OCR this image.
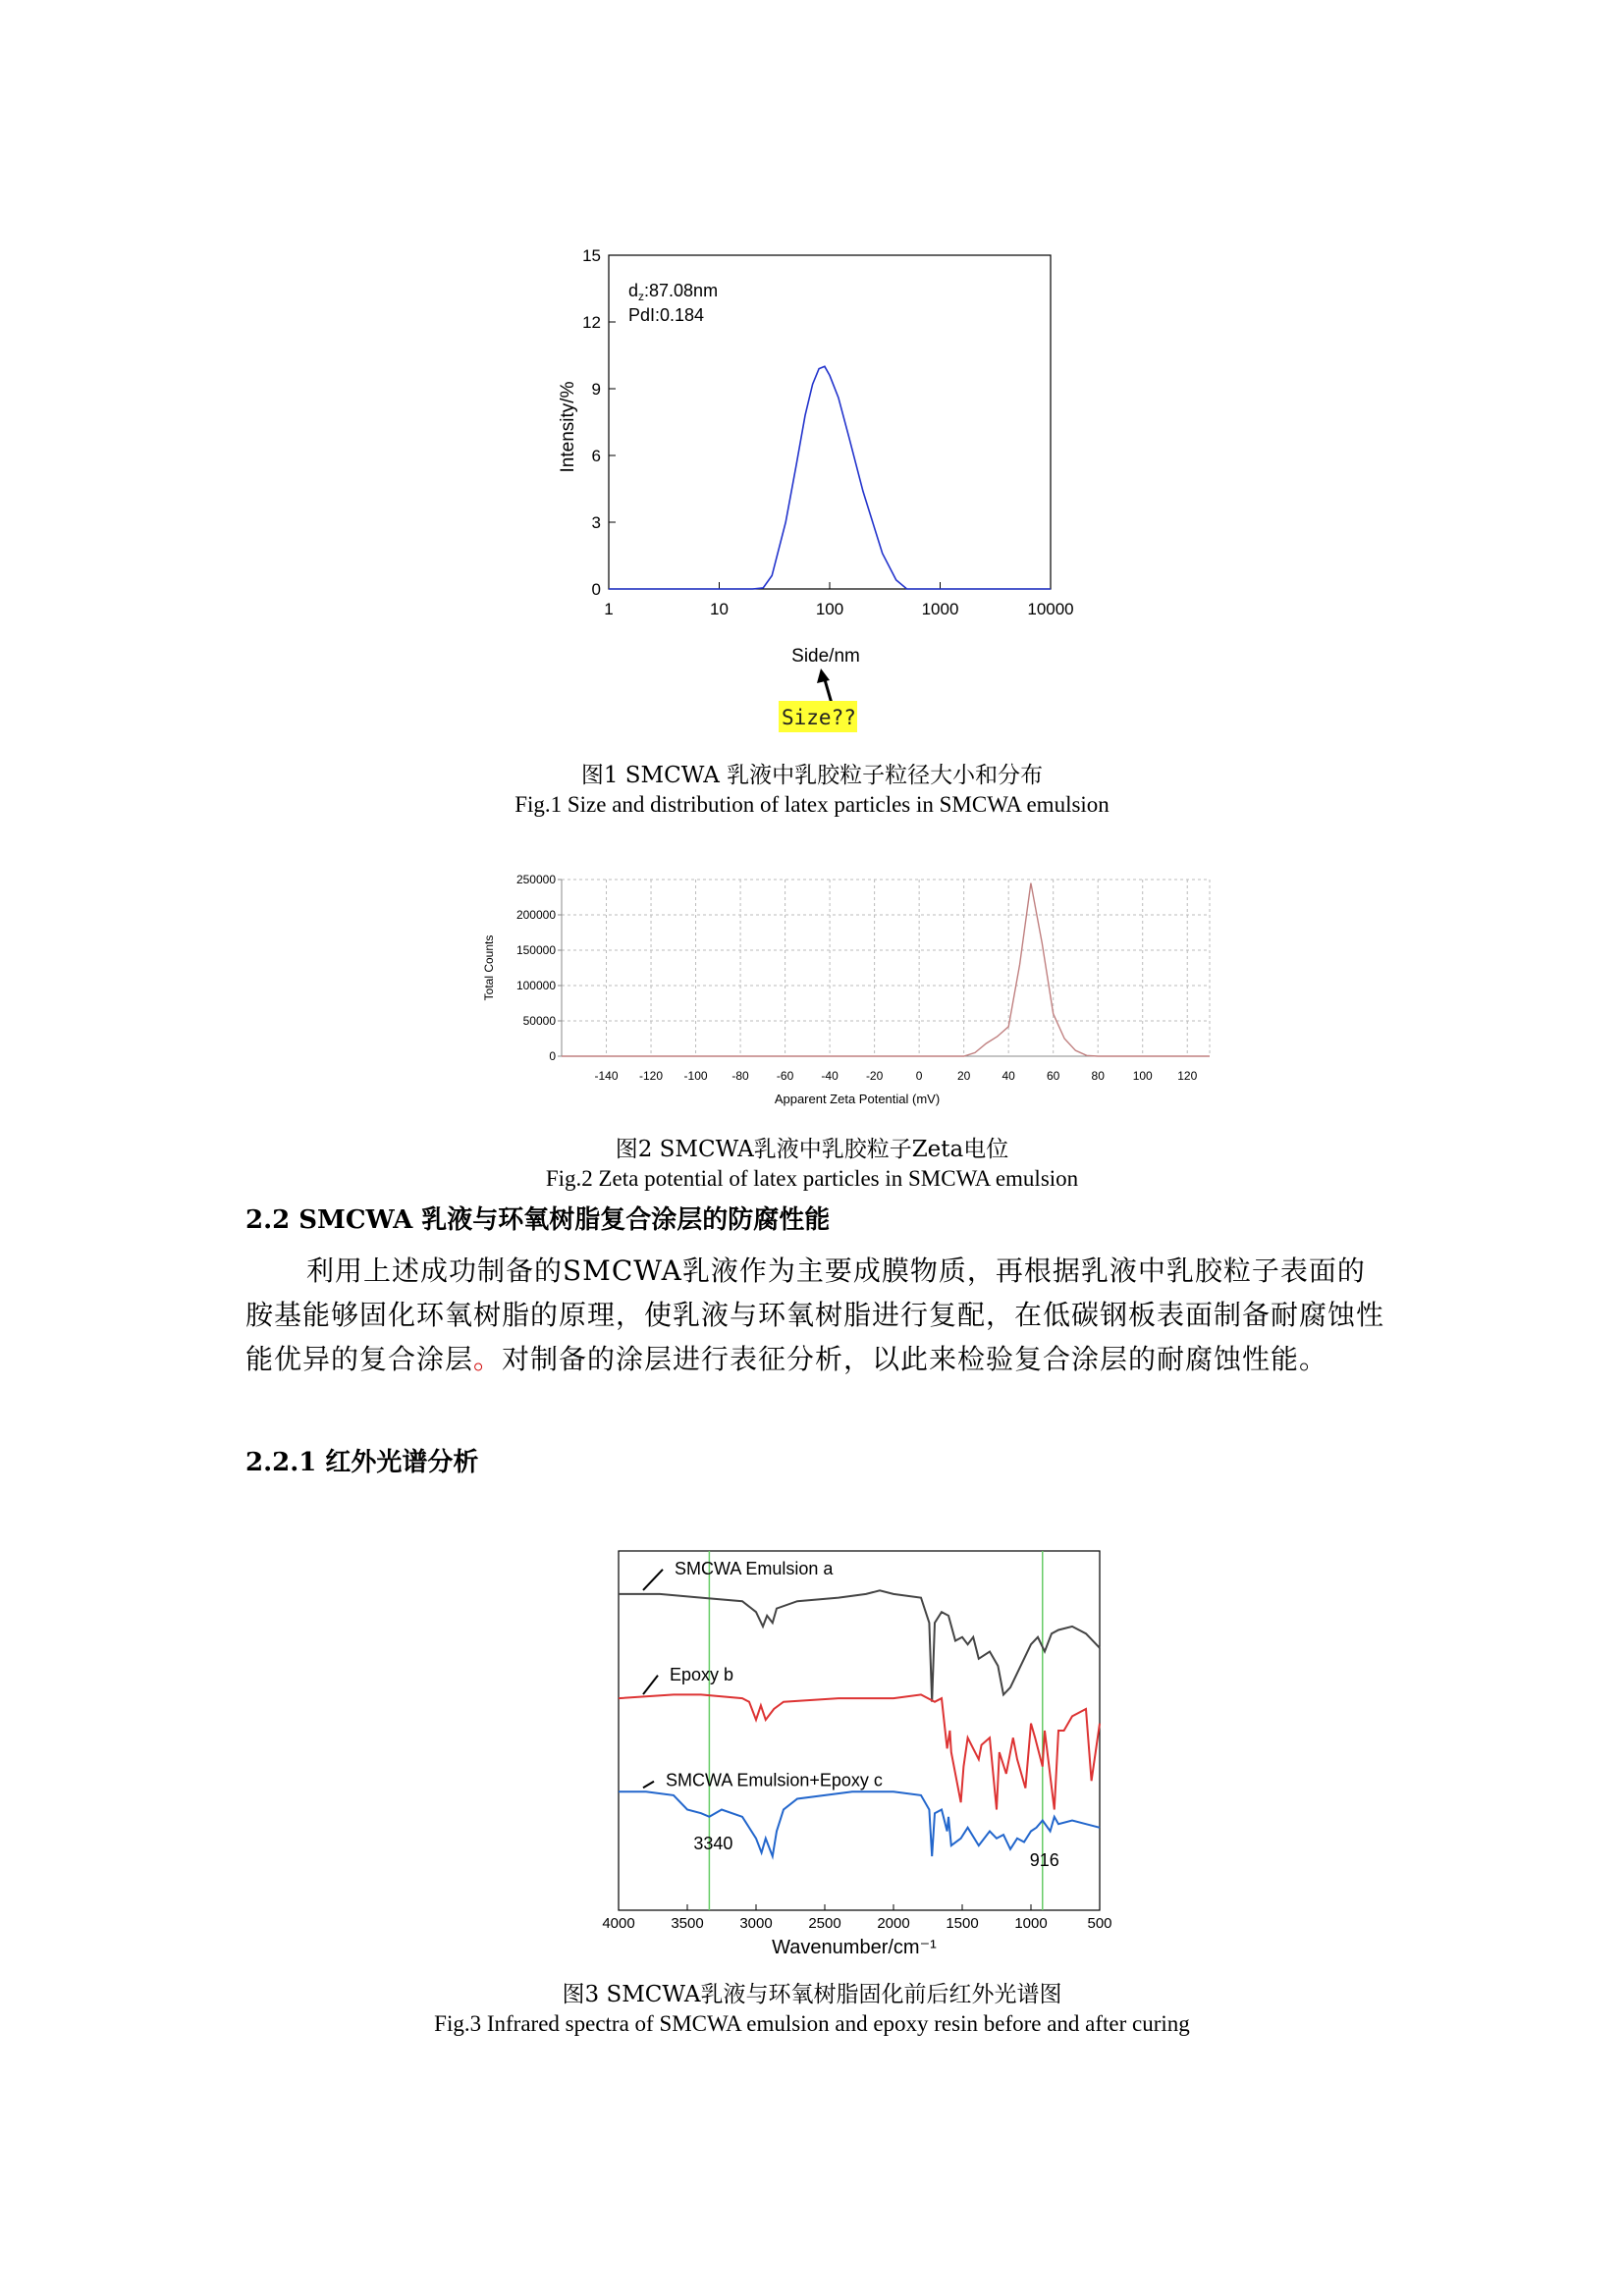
0
3
6
9
12
15
1	10	100	1000	10000
$d_z:87.08nm$
PdI:0.184
Intensity/%
Side/nm
Size??
图1 SMCWA 乳液中乳胶粒子粒径大小和分布
Fig.1 Size and distribution of latex particles in SMCWA emulsion
0
50000
100000
150000
200000
250000
-140 -120 -100 -80 -60 -40 -20	0	20	40	60	80 100 120
Total Counts
Apparent Zeta Potential (mV)
图2 SMCWA乳液中乳胶粒子Zeta电位
Fig.2 Zeta potential of latex particles in SMCWA emulsion
2.2 SMCWA 乳液与环氧树脂复合涂层的防腐性能
利用上述成功制备的SMCWA乳液作为主要成膜物质，再根据乳液中乳胶粒子表面的胺基能够固化环氧树脂的原理，使乳液与环氧树脂进行复配，在低碳钢板表面制备耐腐蚀性能优异的复合涂层。对制备的涂层进行表征分析，以此来检验复合涂层的耐腐蚀性能。
2.2.1 红外光谱分析
3340
916
4000 3500 3000 2500 2000 1500 1000	500
SMCWA Emulsion a
Epoxy b
SMCWA Emulsion+Epoxy c
Wavenumber/cm⁻¹
图3 SMCWA乳液与环氧树脂固化前后红外光谱图
Fig.3 Infrared spectra of SMCWA emulsion and epoxy resin before and after curing
